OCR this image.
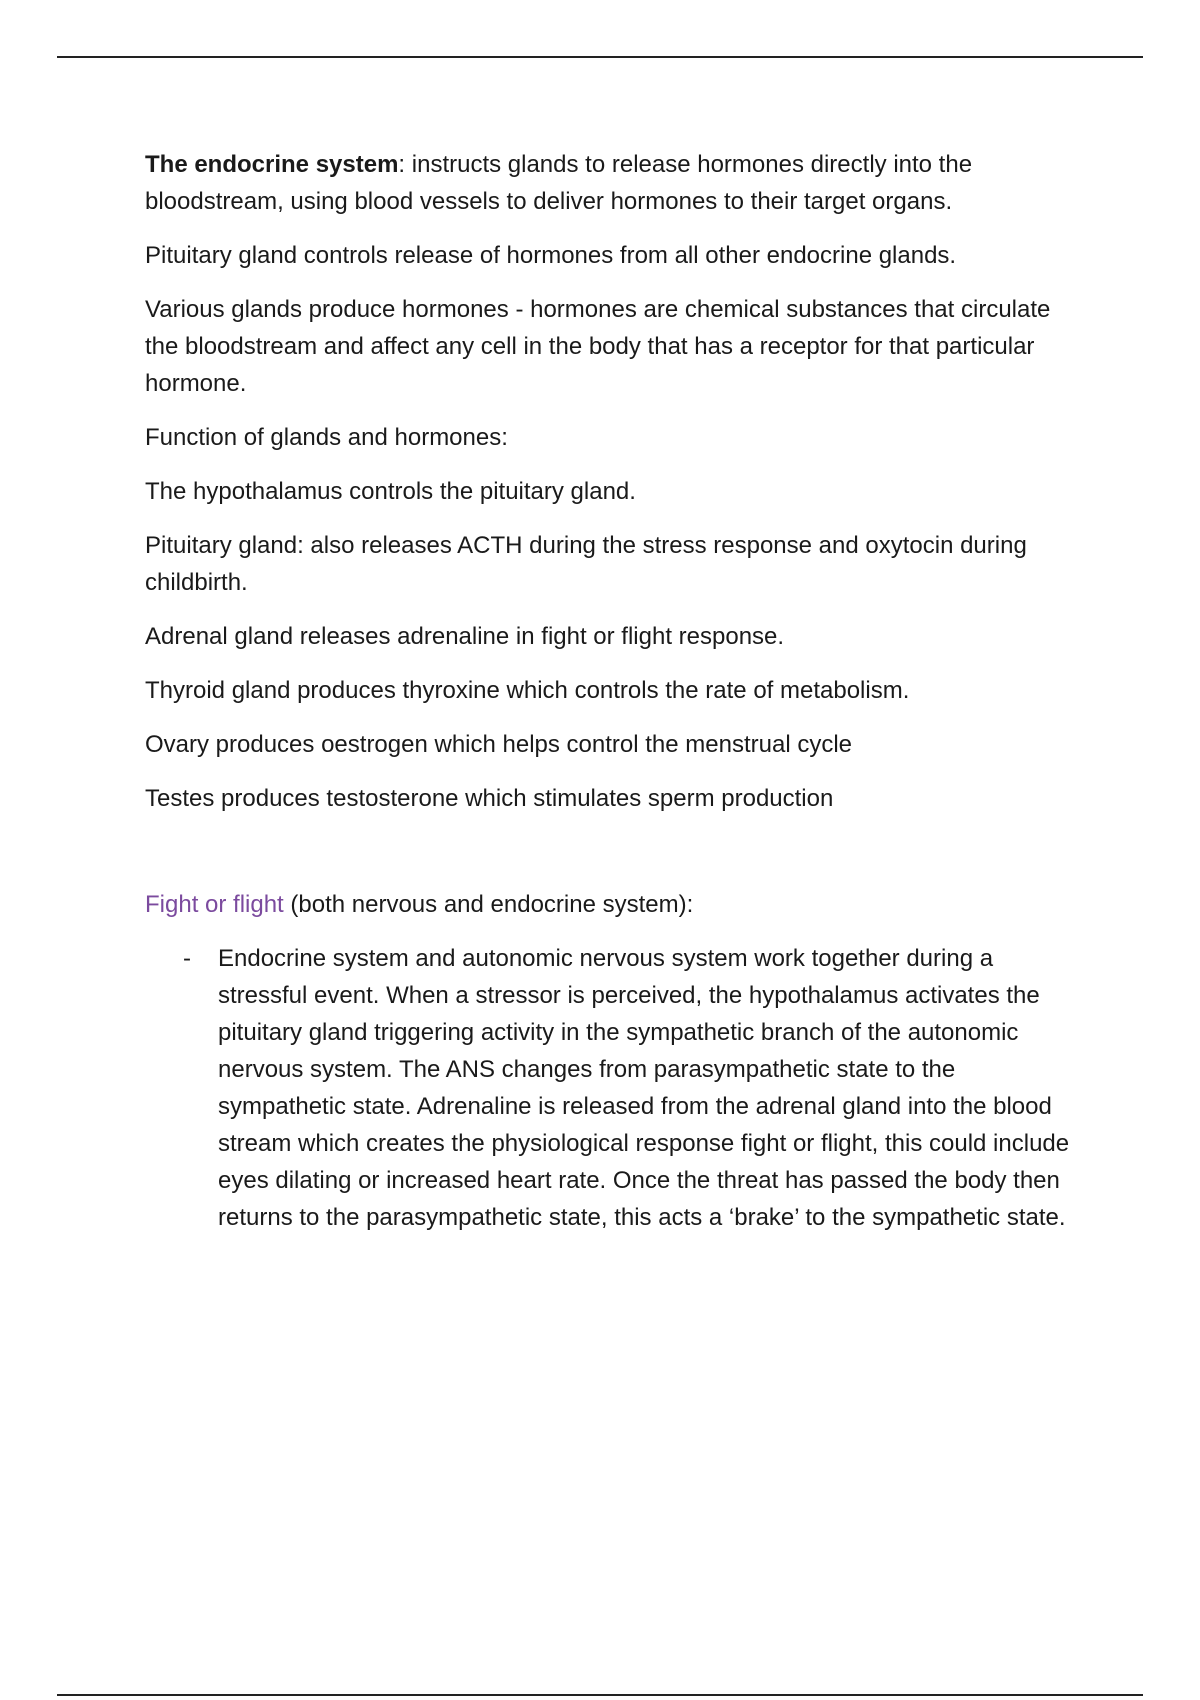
The endocrine system: instructs glands to release hormones directly into the bloodstream, using blood vessels to deliver hormones to their target organs.

Pituitary gland controls release of hormones from all other endocrine glands.

Various glands produce hormones - hormones are chemical substances that circulate the bloodstream and affect any cell in the body that has a receptor for that particular hormone.

Function of glands and hormones:

The hypothalamus controls the pituitary gland.

Pituitary gland: also releases ACTH during the stress response and oxytocin during childbirth.

Adrenal gland releases adrenaline in fight or flight response.

Thyroid gland produces thyroxine which controls the rate of metabolism.

Ovary produces oestrogen which helps control the menstrual cycle

Testes produces testosterone which stimulates sperm production

Fight or flight (both nervous and endocrine system):

- Endocrine system and autonomic nervous system work together during a stressful event. When a stressor is perceived, the hypothalamus activates the pituitary gland triggering activity in the sympathetic branch of the autonomic nervous system. The ANS changes from parasympathetic state to the sympathetic state. Adrenaline is released from the adrenal gland into the blood stream which creates the physiological response fight or flight, this could include eyes dilating or increased heart rate. Once the threat has passed the body then returns to the parasympathetic state, this acts a ‘brake’ to the sympathetic state.
